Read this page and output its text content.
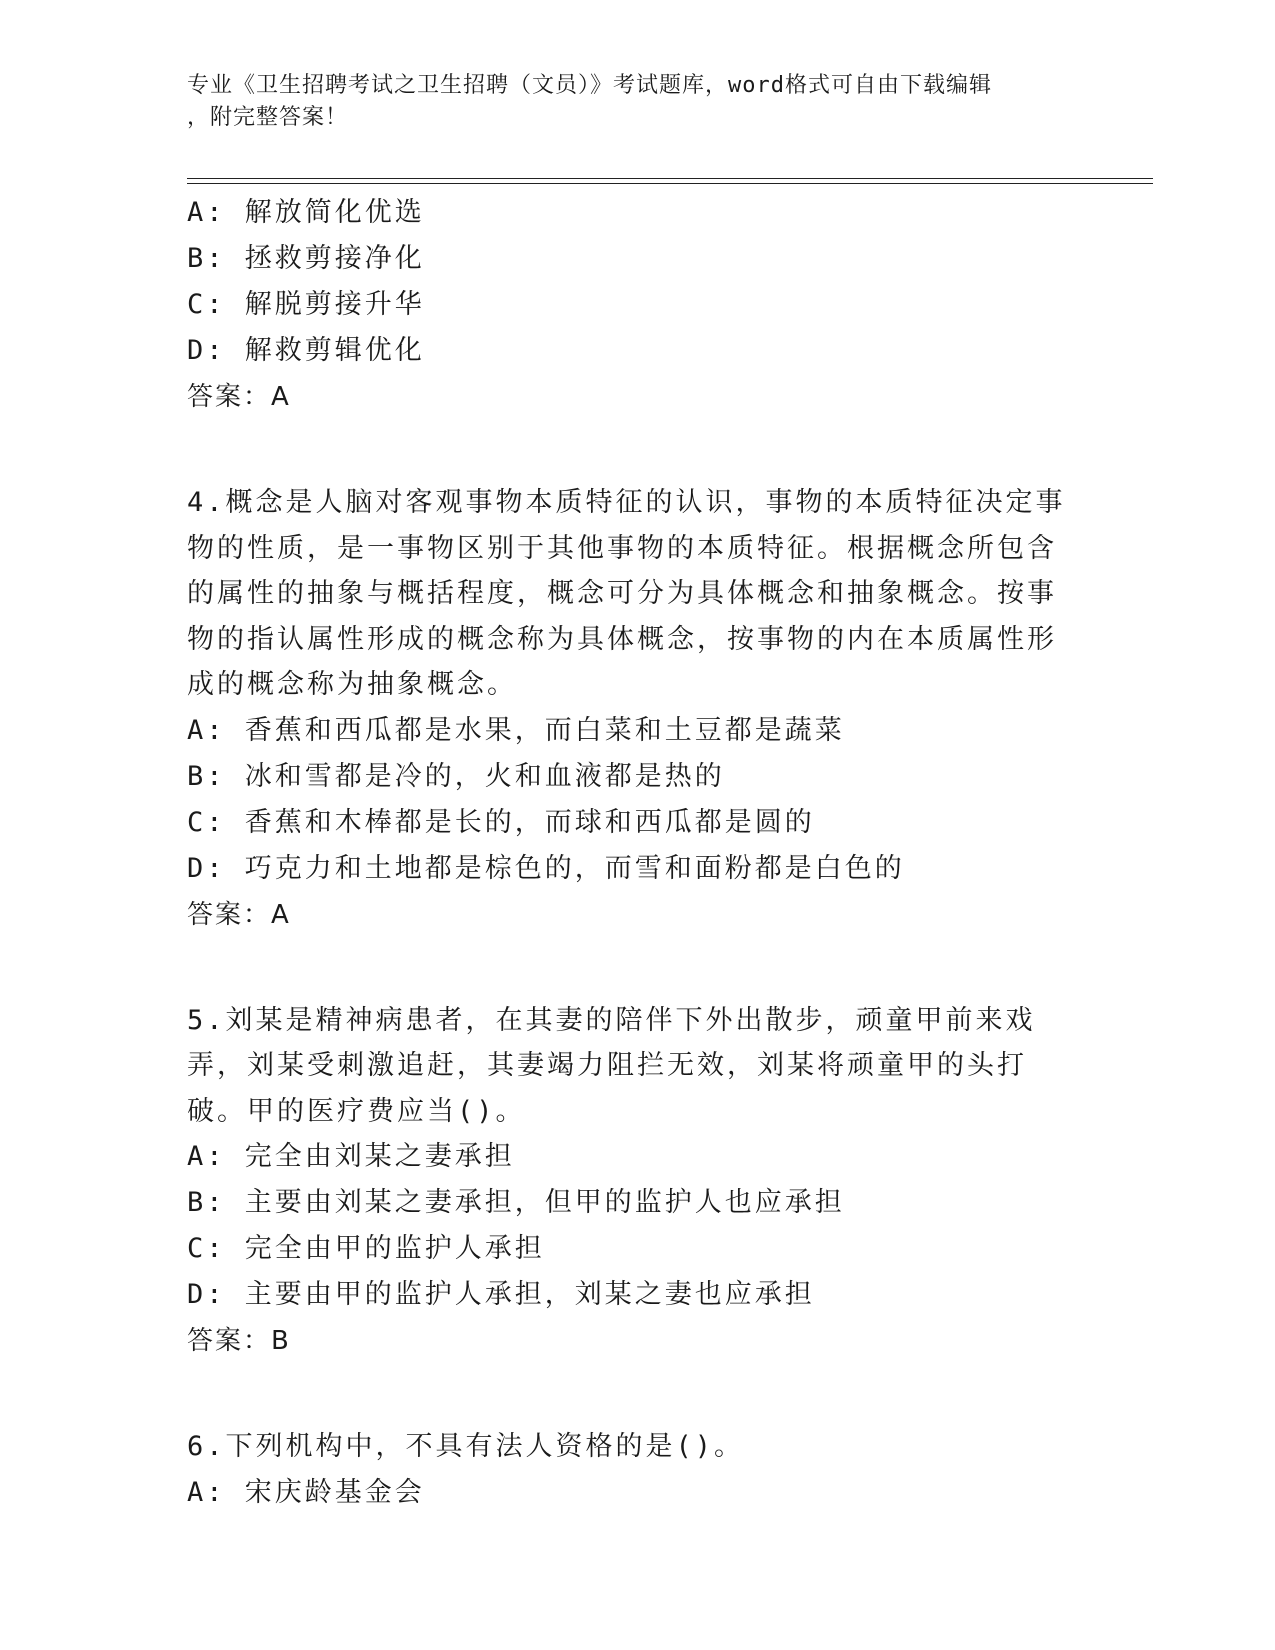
专业《卫生招聘考试之卫生招聘（文员）》考试题库，word格式可自由下载编辑
，附完整答案！
A: 解放简化优选
B: 拯救剪接净化
C: 解脱剪接升华
D: 解救剪辑优化
答案：A
4.概念是人脑对客观事物本质特征的认识，事物的本质特征决定事物的性质，是一事物区别于其他事物的本质特征。根据概念所包含的属性的抽象与概括程度，概念可分为具体概念和抽象概念。按事物的指认属性形成的概念称为具体概念，按事物的内在本质属性形成的概念称为抽象概念。
A: 香蕉和西瓜都是水果，而白菜和土豆都是蔬菜
B: 冰和雪都是冷的，火和血液都是热的
C: 香蕉和木棒都是长的，而球和西瓜都是圆的
D: 巧克力和土地都是棕色的，而雪和面粉都是白色的
答案：A
5.刘某是精神病患者，在其妻的陪伴下外出散步，顽童甲前来戏弄，刘某受刺激追赶，其妻竭力阻拦无效，刘某将顽童甲的头打破。甲的医疗费应当()。
A: 完全由刘某之妻承担
B: 主要由刘某之妻承担，但甲的监护人也应承担
C: 完全由甲的监护人承担
D: 主要由甲的监护人承担，刘某之妻也应承担
答案：B
6.下列机构中，不具有法人资格的是()。
A: 宋庆龄基金会
